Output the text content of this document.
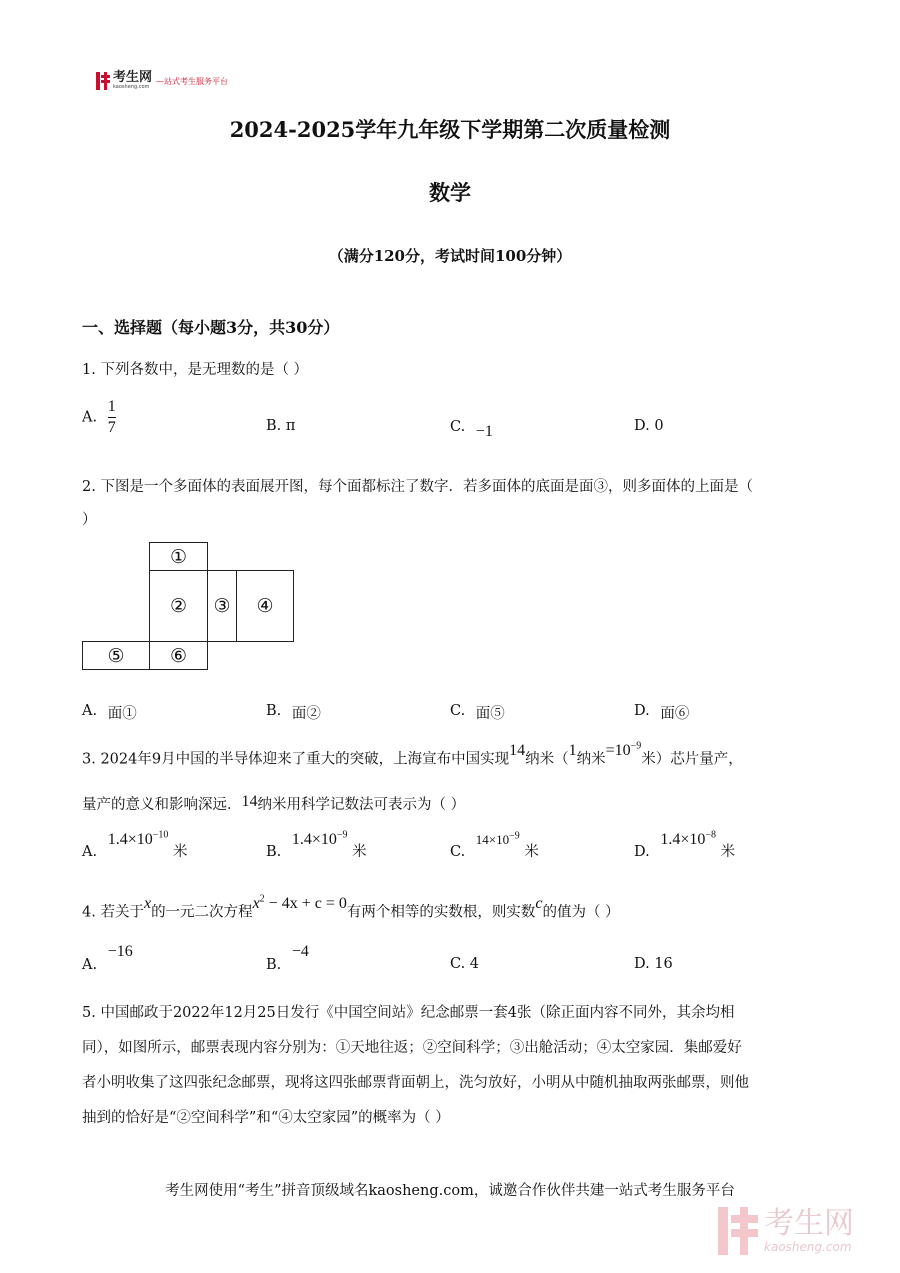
考生网
kaosheng.com
—站式考生服务平台
2024-2025学年九年级下学期第二次质量检测
数学
（满分120分，考试时间100分钟）
一、选择题（每小题3分，共30分）
1. 下列各数中，是无理数的是（ ）
A. $\frac{1}{7}$	B. π	C. −1	D. 0
2. 下图是一个多面体的表面展开图，每个面都标注了数字．若多面体的底面是面③，则多面体的上面是（
）
①
②	③	④
⑤	⑥
A. 面①	B. 面②	C. 面⑤	D. 面⑥
3. 2024年9月中国的半导体迎来了重大的突破，上海宣布中国实现14纳米（1纳米$=10^{-9}$米）芯片量产，
量产的意义和影响深远．14纳米用科学记数法可表示为（ ）
A. $1.4\times 10^{-10}$ 米	B. $1.4\times 10^{-9}$ 米	C. $14\times 10^{-9}$ 米	D. $1.4\times 10^{-8}$ 米
4. 若关于x的一元二次方程$x^2 - 4x + c = 0$有两个相等的实数根，则实数c的值为（ ）
A. −16
B. −4
C. 4	D. 16
5. 中国邮政于2022年12月25日发行《中国空间站》纪念邮票一套4张（除正面内容不同外，其余均相
同），如图所示，邮票表现内容分别为：①天地往返；②空间科学；③出舱活动；④太空家园．集邮爱好
者小明收集了这四张纪念邮票，现将这四张邮票背面朝上，洗匀放好，小明从中随机抽取两张邮票，则他
抽到的恰好是“②空间科学”和“④太空家园”的概率为（ ）
考生网使用“考生”拼音顶级域名kaosheng.com，诚邀合作伙伴共建一站式考生服务平台
考生网
kaosheng.com
